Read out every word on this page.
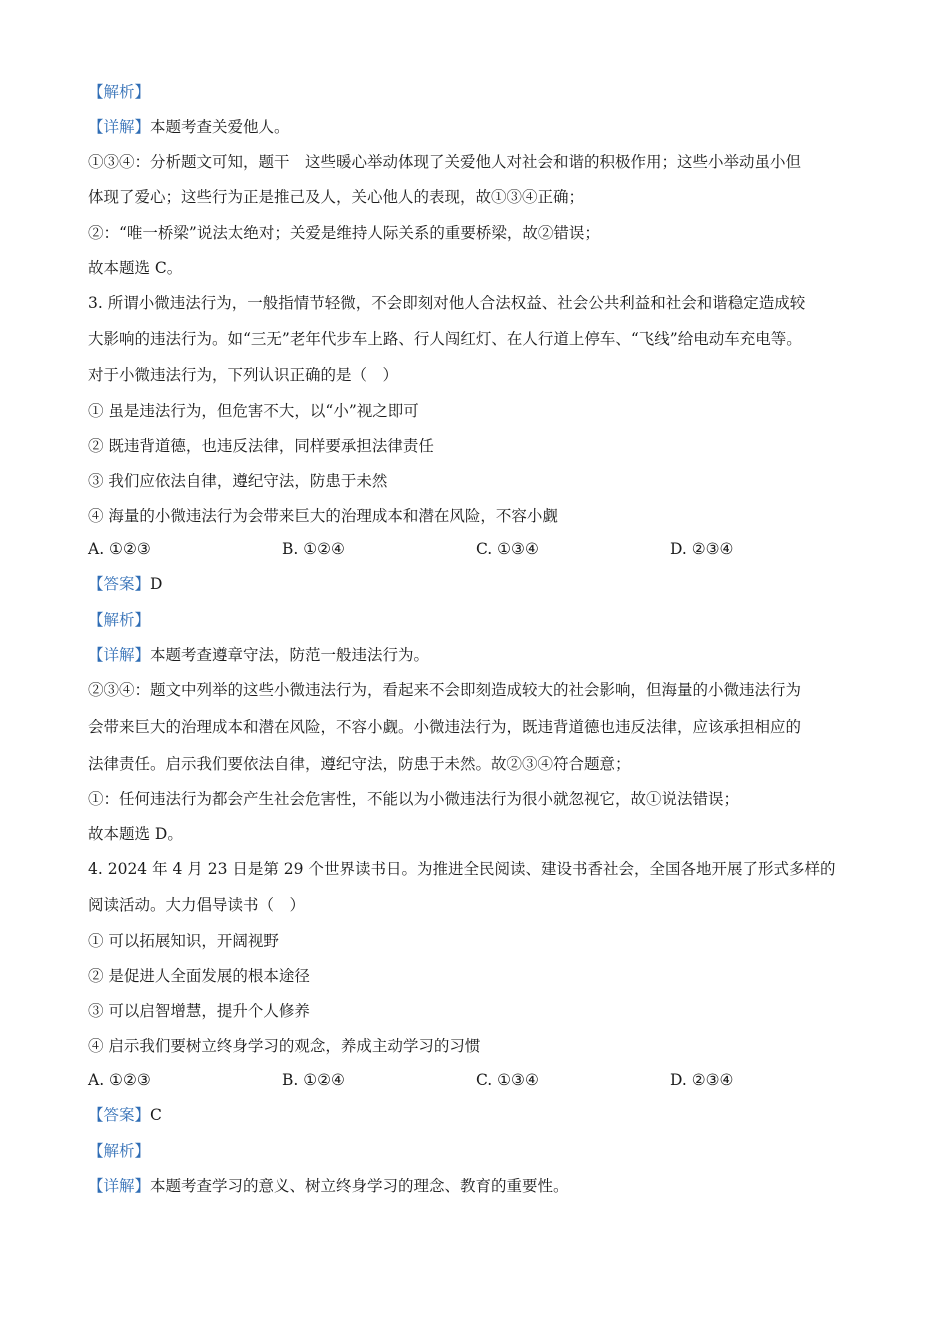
【解析】
【详解】本题考查关爱他人。
①③④：分析题文可知，题干　这些暖心举动体现了关爱他人对社会和谐的积极作用；这些小举动虽小但
体现了爱心；这些行为正是推己及人，关心他人的表现，故①③④正确；
②：“唯一桥梁”说法太绝对；关爱是维持人际关系的重要桥梁，故②错误；
故本题选 C。
3. 所谓小微违法行为，一般指情节轻微，不会即刻对他人合法权益、社会公共利益和社会和谐稳定造成较
大影响的违法行为。如“三无”老年代步车上路、行人闯红灯、在人行道上停车、“飞线”给电动车充电等。
对于小微违法行为，下列认识正确的是（　）
① 虽是违法行为，但危害不大，以“小”视之即可
② 既违背道德，也违反法律，同样要承担法律责任
③ 我们应依法自律，遵纪守法，防患于未然
④ 海量的小微违法行为会带来巨大的治理成本和潜在风险，不容小觑
A. ①②③	B. ①②④	C. ①③④	D. ②③④
【答案】D
【解析】
【详解】本题考查遵章守法，防范一般违法行为。
②③④：题文中列举的这些小微违法行为，看起来不会即刻造成较大的社会影响，但海量的小微违法行为
会带来巨大的治理成本和潜在风险，不容小觑。小微违法行为，既违背道德也违反法律，应该承担相应的
法律责任。启示我们要依法自律，遵纪守法，防患于未然。故②③④符合题意；
①：任何违法行为都会产生社会危害性，不能以为小微违法行为很小就忽视它，故①说法错误；
故本题选 D。
4. 2024 年 4 月 23 日是第 29 个世界读书日。为推进全民阅读、建设书香社会，全国各地开展了形式多样的
阅读活动。大力倡导读书（　）
① 可以拓展知识，开阔视野
② 是促进人全面发展的根本途径
③ 可以启智增慧，提升个人修养
④ 启示我们要树立终身学习的观念，养成主动学习的习惯
A. ①②③	B. ①②④	C. ①③④	D. ②③④
【答案】C
【解析】
【详解】本题考查学习的意义、树立终身学习的理念、教育的重要性。
